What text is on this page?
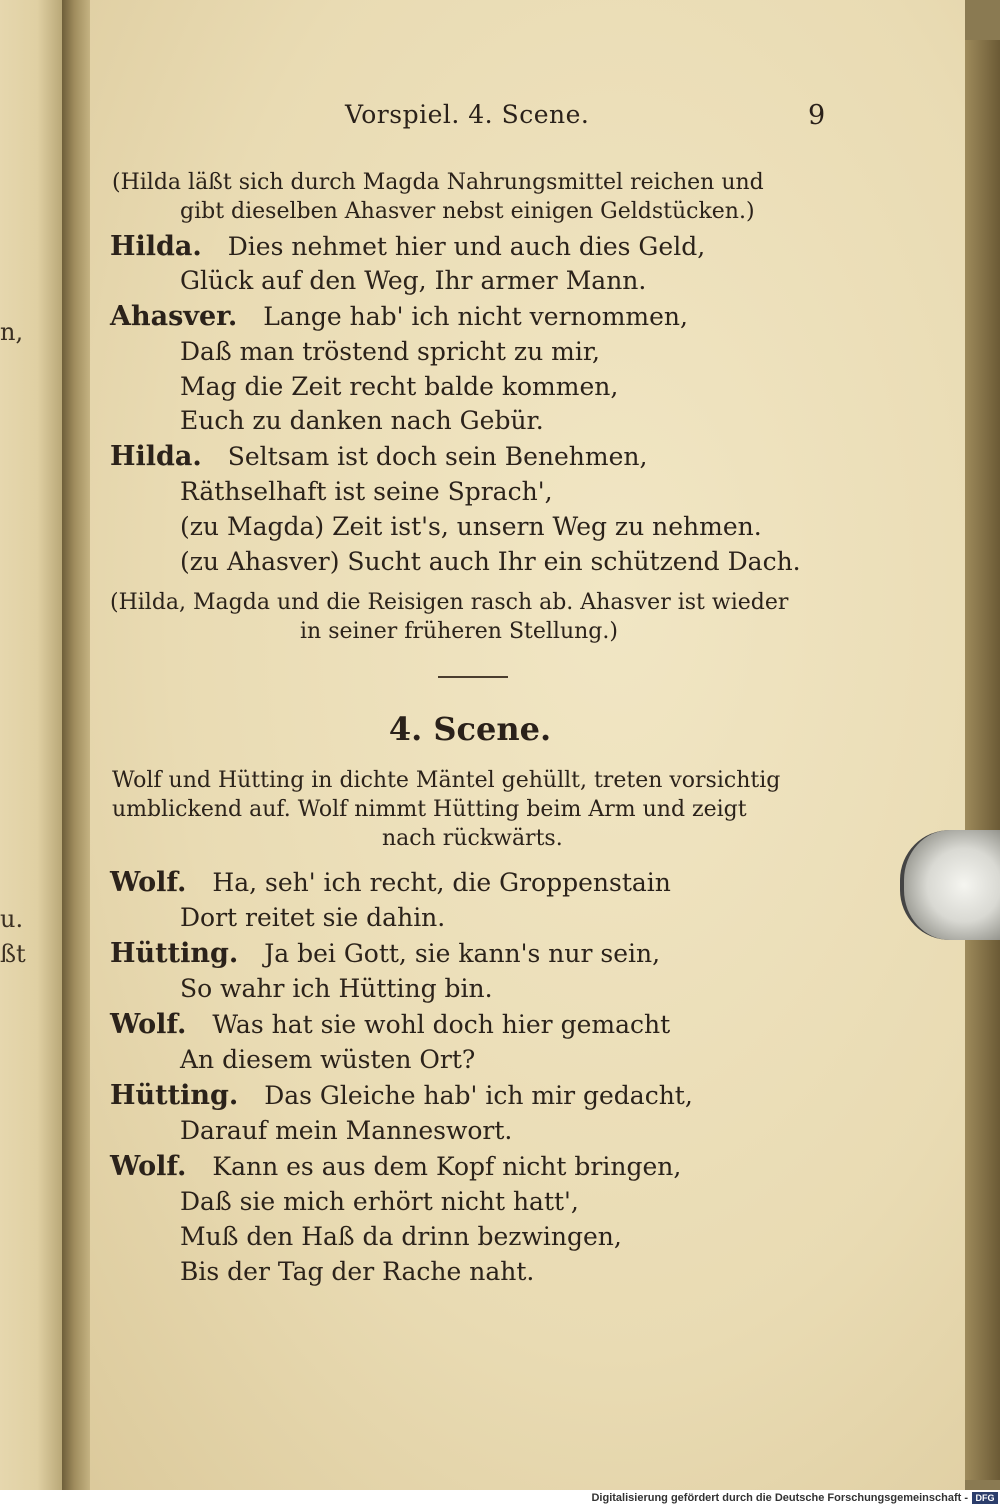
n,
u.
ßt
Vorspiel. 4. Scene.	9
(Hilda läßt sich durch Magda Nahrungsmittel reichen und
gibt dieselben Ahasver nebst einigen Geldstücken.)
Hilda. Dies nehmet hier und auch dies Geld,
Glück auf den Weg, Ihr armer Mann.
Ahasver. Lange hab' ich nicht vernommen,
Daß man tröstend spricht zu mir,
Mag die Zeit recht balde kommen,
Euch zu danken nach Gebür.
Hilda. Seltsam ist doch sein Benehmen,
Räthselhaft ist seine Sprach',
(zu Magda) Zeit ist's, unsern Weg zu nehmen.
(zu Ahasver) Sucht auch Ihr ein schützend Dach.
(Hilda, Magda und die Reisigen rasch ab. Ahasver ist wieder
in seiner früheren Stellung.)
4. Scene.
Wolf und Hütting in dichte Mäntel gehüllt, treten vorsichtig
umblickend auf. Wolf nimmt Hütting beim Arm und zeigt
nach rückwärts.
Wolf. Ha, seh' ich recht, die Groppenstain
Dort reitet sie dahin.
Hütting. Ja bei Gott, sie kann's nur sein,
So wahr ich Hütting bin.
Wolf. Was hat sie wohl doch hier gemacht
An diesem wüsten Ort?
Hütting. Das Gleiche hab' ich mir gedacht,
Darauf mein Manneswort.
Wolf. Kann es aus dem Kopf nicht bringen,
Daß sie mich erhört nicht hatt',
Muß den Haß da drinn bezwingen,
Bis der Tag der Rache naht.
Digitalisierung gefördert durch die Deutsche Forschungsgemeinschaft - DFG
